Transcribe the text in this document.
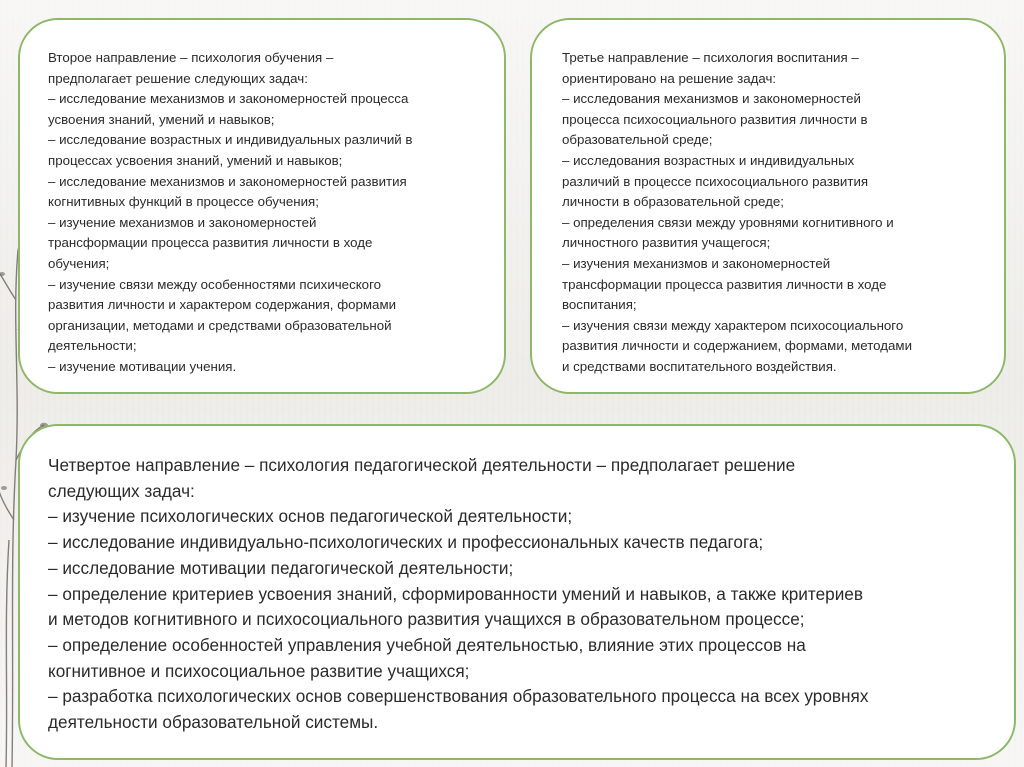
Второе направление – психология обучения –
предполагает решение следующих задач:
– исследование механизмов и закономерностей процесса
усвоения знаний, умений и навыков;
– исследование возрастных и индивидуальных различий в
процессах усвоения знаний, умений и навыков;
– исследование механизмов и закономерностей развития
когнитивных функций в процессе обучения;
– изучение механизмов и закономерностей
трансформации процесса развития личности в ходе
обучения;
– изучение связи между особенностями психического
развития личности и характером содержания, формами
организации, методами и средствами образовательной
деятельности;
– изучение мотивации учения.
Третье направление – психология воспитания –
ориентировано на решение задач:
– исследования механизмов и закономерностей
процесса психосоциального развития личности в
образовательной среде;
– исследования возрастных и индивидуальных
различий в процессе психосоциального развития
личности в образовательной среде;
– определения связи между уровнями когнитивного и
личностного развития учащегося;
– изучения механизмов и закономерностей
трансформации процесса развития личности в ходе
воспитания;
– изучения связи между характером психосоциального
развития личности и содержанием, формами, методами
и средствами воспитательного воздействия.
Четвертое направление – психология педагогической деятельности – предполагает решение
следующих задач:
– изучение психологических основ педагогической деятельности;
– исследование индивидуально-психологических и профессиональных качеств педагога;
– исследование мотивации педагогической деятельности;
– определение критериев усвоения знаний, сформированности умений и навыков, а также критериев
и методов когнитивного и психосоциального развития учащихся в образовательном процессе;
– определение особенностей управления учебной деятельностью, влияние этих процессов на
когнитивное и психосоциальное развитие учащихся;
– разработка психологических основ совершенствования образовательного процесса на всех уровнях
деятельности образовательной системы.
